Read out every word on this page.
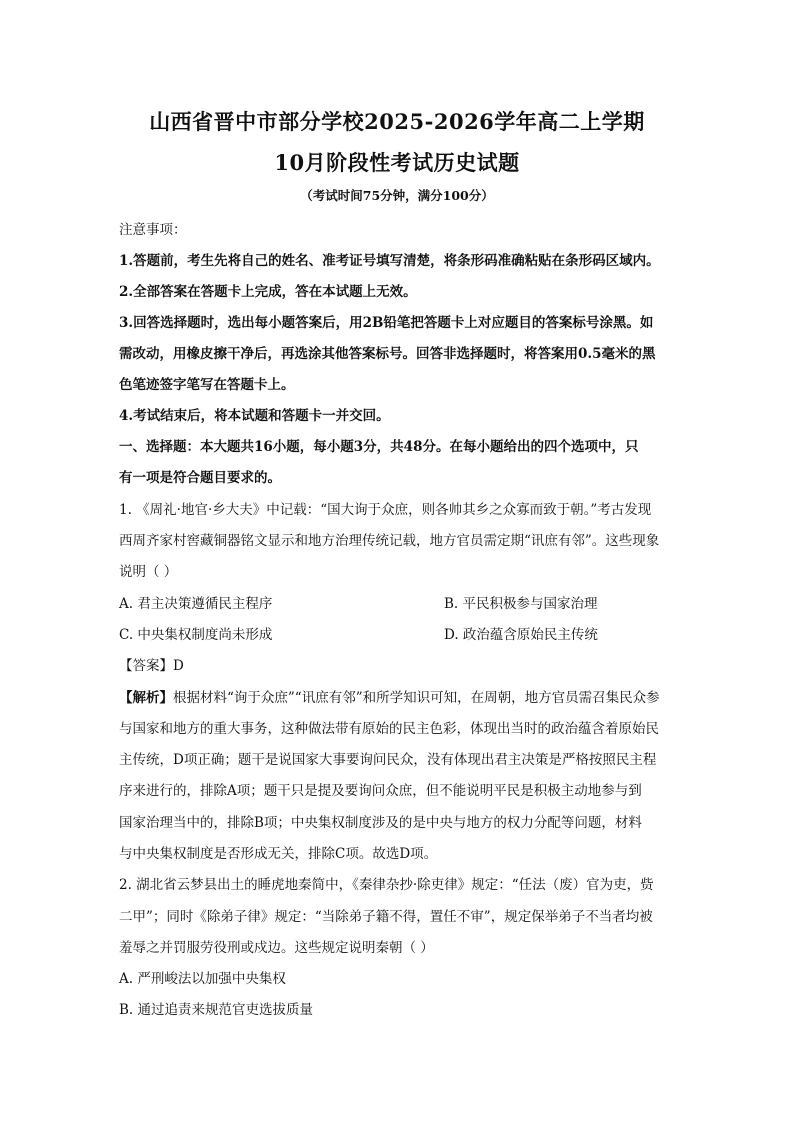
山西省晋中市部分学校2025-2026学年高二上学期
10月阶段性考试历史试题
（考试时间75分钟，满分100分）
注意事项：
1.答题前，考生先将自己的姓名、准考证号填写清楚，将条形码准确粘贴在条形码区域内。
2.全部答案在答题卡上完成，答在本试题上无效。
3.回答选择题时，选出每小题答案后，用2B铅笔把答题卡上对应题目的答案标号涂黑。如
需改动，用橡皮擦干净后，再选涂其他答案标号。回答非选择题时，将答案用0.5毫米的黑
色笔迹签字笔写在答题卡上。
4.考试结束后，将本试题和答题卡一并交回。
一、选择题：本大题共16小题，每小题3分，共48分。在每小题给出的四个选项中，只
有一项是符合题目要求的。
1. 《周礼·地官·乡大夫》中记载：“国大询于众庶，则各帅其乡之众寡而致于朝。”考古发现
西周齐家村窖藏铜器铭文显示和地方治理传统记载，地方官员需定期“讯庶有邻”。这些现象
说明（ ）
A. 君主决策遵循民主程序	B. 平民积极参与国家治理
C. 中央集权制度尚未形成	D. 政治蕴含原始民主传统
【答案】D
【解析】根据材料“询于众庶”“讯庶有邻”和所学知识可知，在周朝，地方官员需召集民众参
与国家和地方的重大事务，这种做法带有原始的民主色彩，体现出当时的政治蕴含着原始民
主传统，D项正确；题干是说国家大事要询问民众，没有体现出君主决策是严格按照民主程
序来进行的，排除A项；题干只是提及要询问众庶，但不能说明平民是积极主动地参与到
国家治理当中的，排除B项；中央集权制度涉及的是中央与地方的权力分配等问题，材料
与中央集权制度是否形成无关，排除C项。故选D项。
2. 湖北省云梦县出土的睡虎地秦简中，《秦律杂抄·除吏律》规定：“任法（废）官为吏，赀
二甲”；同时《除弟子律》规定：“当除弟子籍不得，置任不审”，规定保举弟子不当者均被
羞辱之并罚服劳役刑或戍边。这些规定说明秦朝（ ）
A. 严刑峻法以加强中央集权
B. 通过追责来规范官吏选拔质量
